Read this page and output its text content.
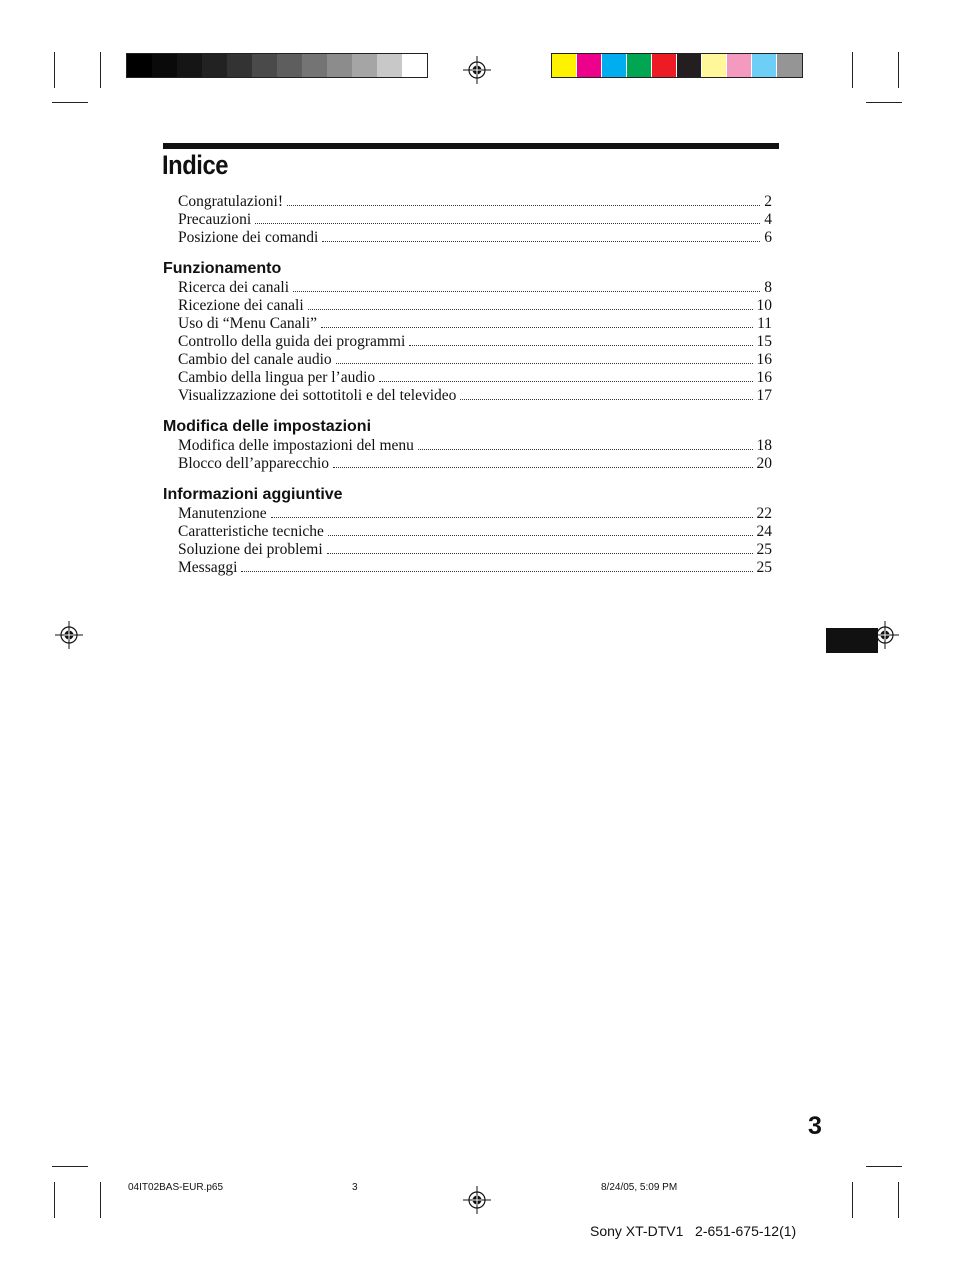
Indice
Congratulazioni!	2
Precauzioni	4
Posizione dei comandi	6
Funzionamento
Ricerca dei canali	8
Ricezione dei canali	10
Uso di “Menu Canali”	11
Controllo della guida dei programmi	15
Cambio del canale audio	16
Cambio della lingua per l’audio	16
Visualizzazione dei sottotitoli e del televideo	17
Modifica delle impostazioni
Modifica delle impostazioni del menu	18
Blocco dell’apparecchio	20
Informazioni aggiuntive
Manutenzione	22
Caratteristiche tecniche	24
Soluzione dei problemi	25
Messaggi	25
3
04IT02BAS-EUR.p65	3	8/24/05, 5:09 PM
Sony XT-DTV1   2-651-675-12(1)
